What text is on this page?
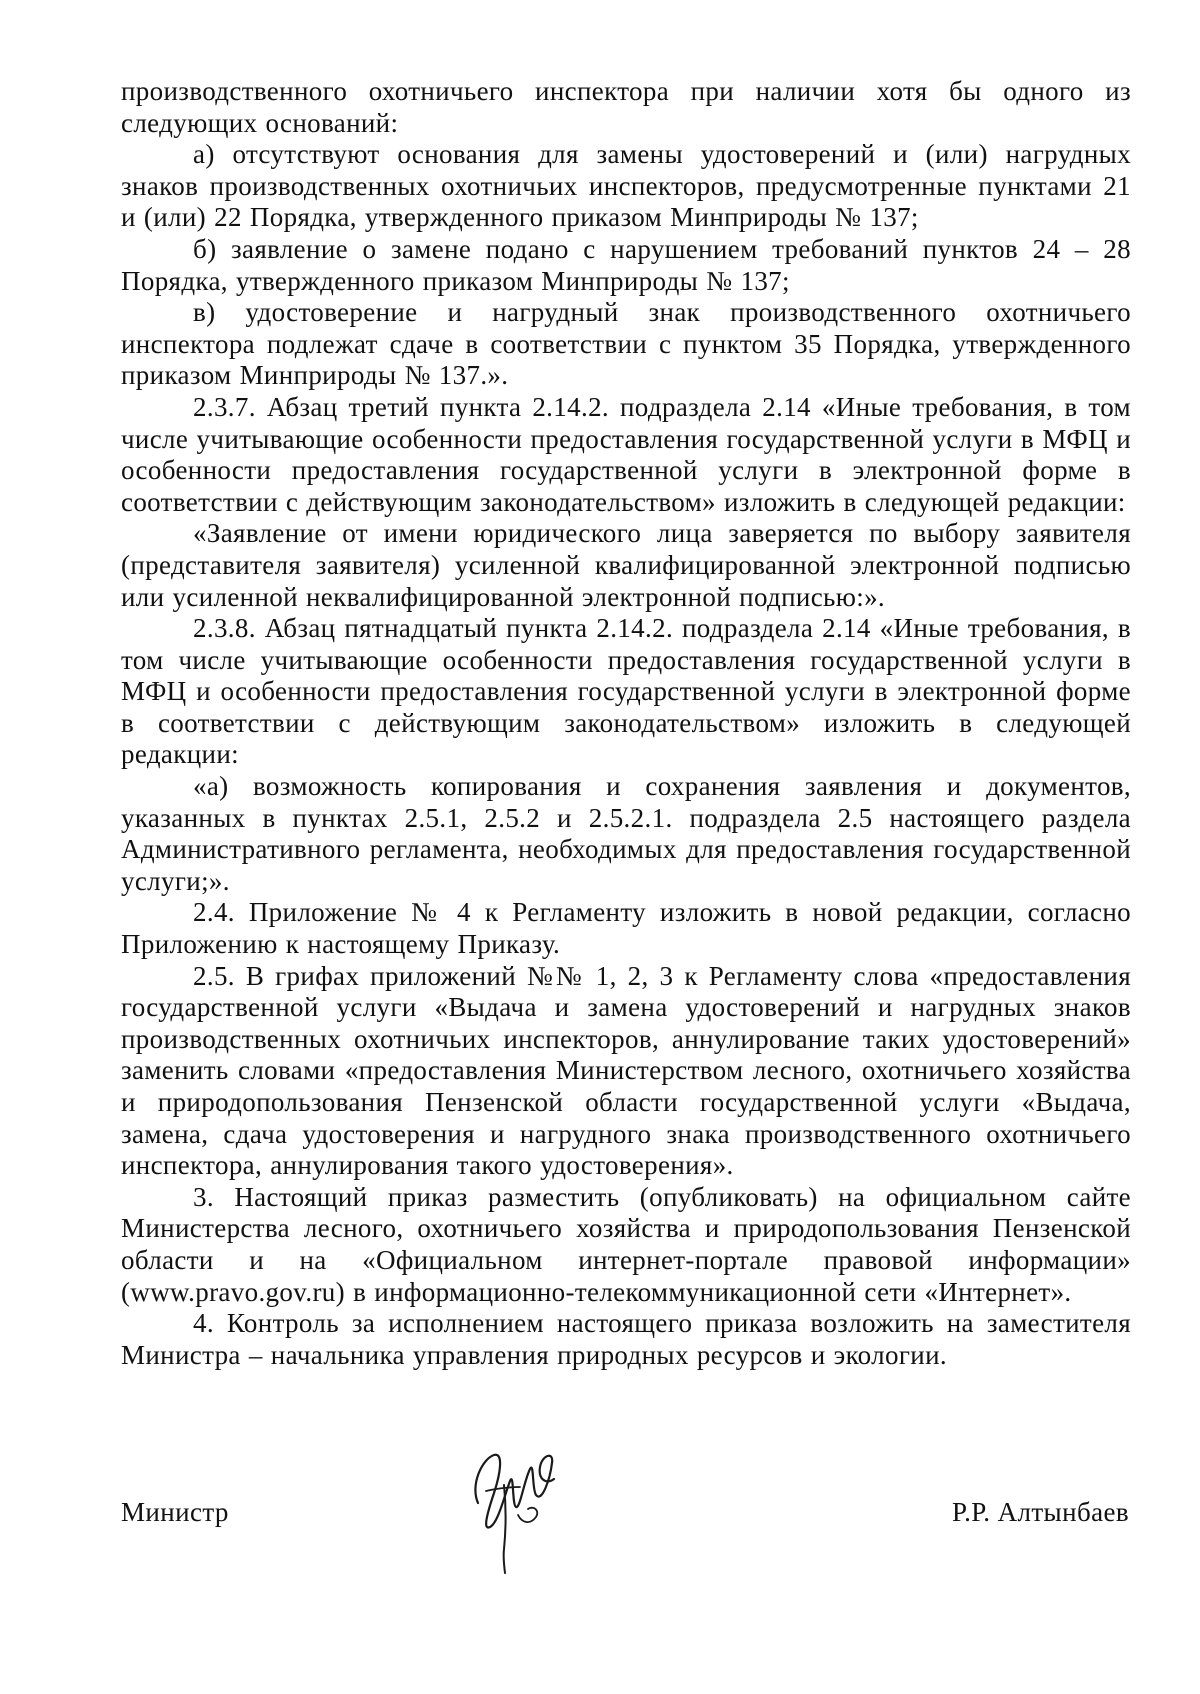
производственного охотничьего инспектора при наличии хотя бы одного из следующих оснований:

а) отсутствуют основания для замены удостоверений и (или) нагрудных знаков производственных охотничьих инспекторов, предусмотренные пунктами 21 и (или) 22 Порядка, утвержденного приказом Минприроды № 137;

б) заявление о замене подано с нарушением требований пунктов 24 – 28 Порядка, утвержденного приказом Минприроды № 137;

в) удостоверение и нагрудный знак производственного охотничьего инспектора подлежат сдаче в соответствии с пунктом 35 Порядка, утвержденного приказом Минприроды № 137.».

2.3.7. Абзац третий пункта 2.14.2. подраздела 2.14 «Иные требования, в том числе учитывающие особенности предоставления государственной услуги в МФЦ и особенности предоставления государственной услуги в электронной форме в соответствии с действующим законодательством» изложить в следующей редакции:

«Заявление от имени юридического лица заверяется по выбору заявителя (представителя заявителя) усиленной квалифицированной электронной подписью или усиленной неквалифицированной электронной подписью:».

2.3.8. Абзац пятнадцатый пункта 2.14.2. подраздела 2.14 «Иные требования, в том числе учитывающие особенности предоставления государственной услуги в МФЦ и особенности предоставления государственной услуги в электронной форме в соответствии с действующим законодательством» изложить в следующей редакции:

«а) возможность копирования и сохранения заявления и документов, указанных в пунктах 2.5.1, 2.5.2 и 2.5.2.1. подраздела 2.5 настоящего раздела Административного регламента, необходимых для предоставления государственной услуги;».

2.4. Приложение № 4 к Регламенту изложить в новой редакции, согласно Приложению к настоящему Приказу.

2.5. В грифах приложений №№ 1, 2, 3 к Регламенту слова «предоставления государственной услуги «Выдача и замена удостоверений и нагрудных знаков производственных охотничьих инспекторов, аннулирование таких удостоверений» заменить словами «предоставления Министерством лесного, охотничьего хозяйства и природопользования Пензенской области государственной услуги «Выдача, замена, сдача удостоверения и нагрудного знака производственного охотничьего инспектора, аннулирования такого удостоверения».

3. Настоящий приказ разместить (опубликовать) на официальном сайте Министерства лесного, охотничьего хозяйства и природопользования Пензенской области и на «Официальном интернет-портале правовой информации» (www.pravo.gov.ru) в информационно-телекоммуникационной сети «Интернет».

4. Контроль за исполнением настоящего приказа возложить на заместителя Министра – начальника управления природных ресурсов и экологии.

Министр	Р.Р. Алтынбаев
